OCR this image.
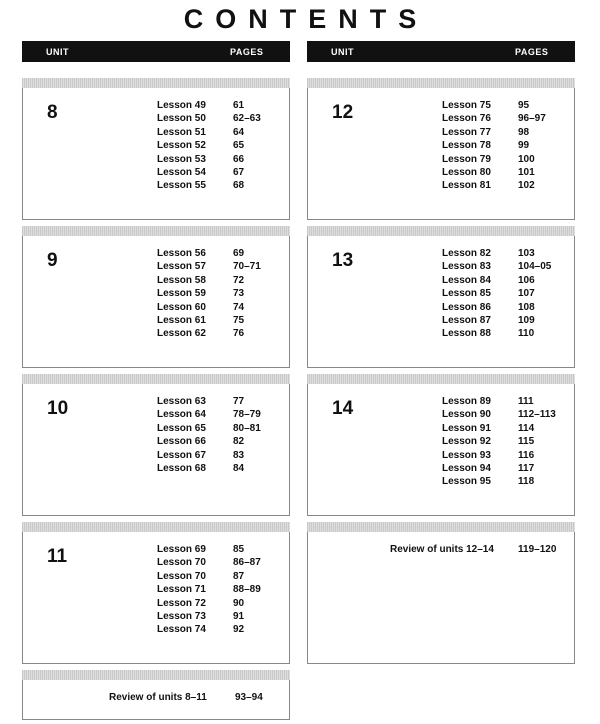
CONTENTS
UNIT	PAGES
8	Lesson 49	61
Lesson 50	62–63
Lesson 51	64
Lesson 52	65
Lesson 53	66
Lesson 54	67
Lesson 55	68
9	Lesson 56	69
Lesson 57	70–71
Lesson 58	72
Lesson 59	73
Lesson 60	74
Lesson 61	75
Lesson 62	76
10	Lesson 63	77
Lesson 64	78–79
Lesson 65	80–81
Lesson 66	82
Lesson 67	83
Lesson 68	84
11	Lesson 69	85
Lesson 70	86–87
Lesson 70	87
Lesson 71	88–89
Lesson 72	90
Lesson 73	91
Lesson 74	92
Review of units 8–11	93–94
UNIT	PAGES
12	Lesson 75	95
Lesson 76	96–97
Lesson 77	98
Lesson 78	99
Lesson 79	100
Lesson 80	101
Lesson 81	102
13	Lesson 82	103
Lesson 83	104–05
Lesson 84	106
Lesson 85	107
Lesson 86	108
Lesson 87	109
Lesson 88	110
14	Lesson 89	111
Lesson 90	112–113
Lesson 91	114
Lesson 92	115
Lesson 93	116
Lesson 94	117
Lesson 95	118
Review of units 12–14 119–120
